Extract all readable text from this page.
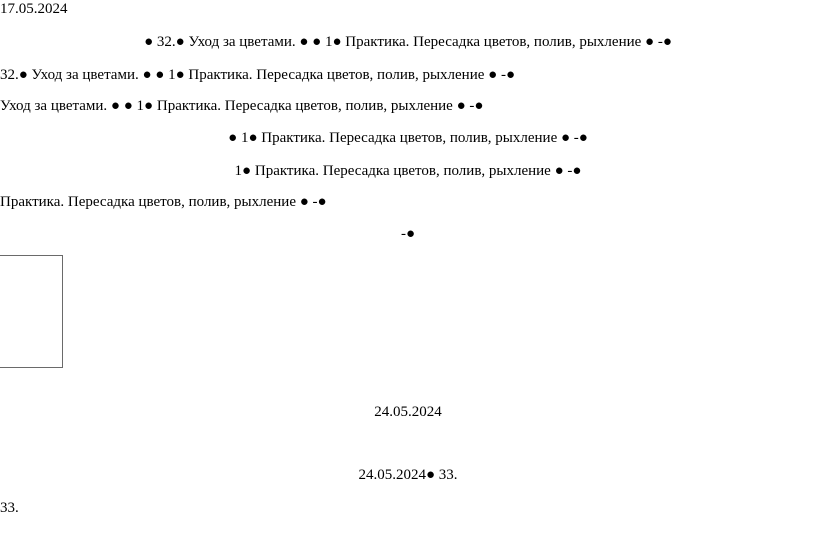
17.05.2024
● 32.● Уход за цветами. ● ● 1● Практика. Пересадка цветов, полив, рыхление ● -●
32.● Уход за цветами. ● ● 1● Практика. Пересадка цветов, полив, рыхление ● -●
Уход за цветами. ● ● 1● Практика. Пересадка цветов, полив, рыхление ● -●
● 1● Практика. Пересадка цветов, полив, рыхление ● -●
1● Практика. Пересадка цветов, полив, рыхление ● -●
Практика. Пересадка цветов, полив, рыхление ● -●
-●
24.05.2024
24.05.2024● 33.
33.
